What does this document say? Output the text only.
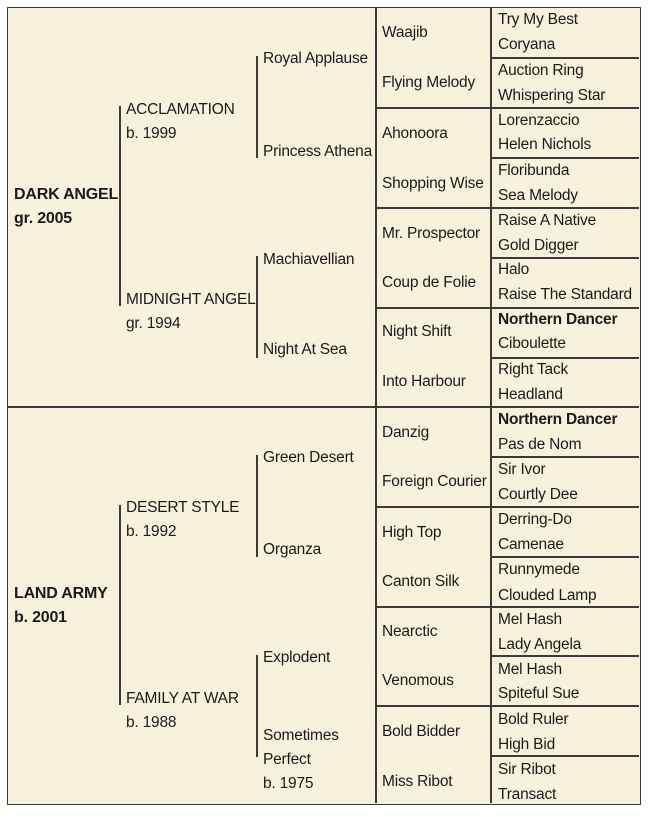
DARK ANGEL
gr. 2005
LAND ARMY
b. 2001
ACCLAMATION
b. 1999
MIDNIGHT ANGEL
gr. 1994
DESERT STYLE
b. 1992
FAMILY AT WAR
b. 1988
Royal Applause
Princess Athena
Machiavellian
Night At Sea
Green Desert
Organza
Explodent
Sometimes
Perfect
b. 1975
Waajib
Flying Melody
Ahonoora
Shopping Wise
Mr. Prospector
Coup de Folie
Night Shift
Into Harbour
Danzig
Foreign Courier
High Top
Canton Silk
Nearctic
Venomous
Bold Bidder
Miss Ribot
Try My Best
Coryana
Auction Ring
Whispering Star
Lorenzaccio
Helen Nichols
Floribunda
Sea Melody
Raise A Native
Gold Digger
Halo
Raise The Standard
Northern Dancer
Ciboulette
Right Tack
Headland
Northern Dancer
Pas de Nom
Sir Ivor
Courtly Dee
Derring-Do
Camenae
Runnymede
Clouded Lamp
Mel Hash
Lady Angela
Mel Hash
Spiteful Sue
Bold Ruler
High Bid
Sir Ribot
Transact
